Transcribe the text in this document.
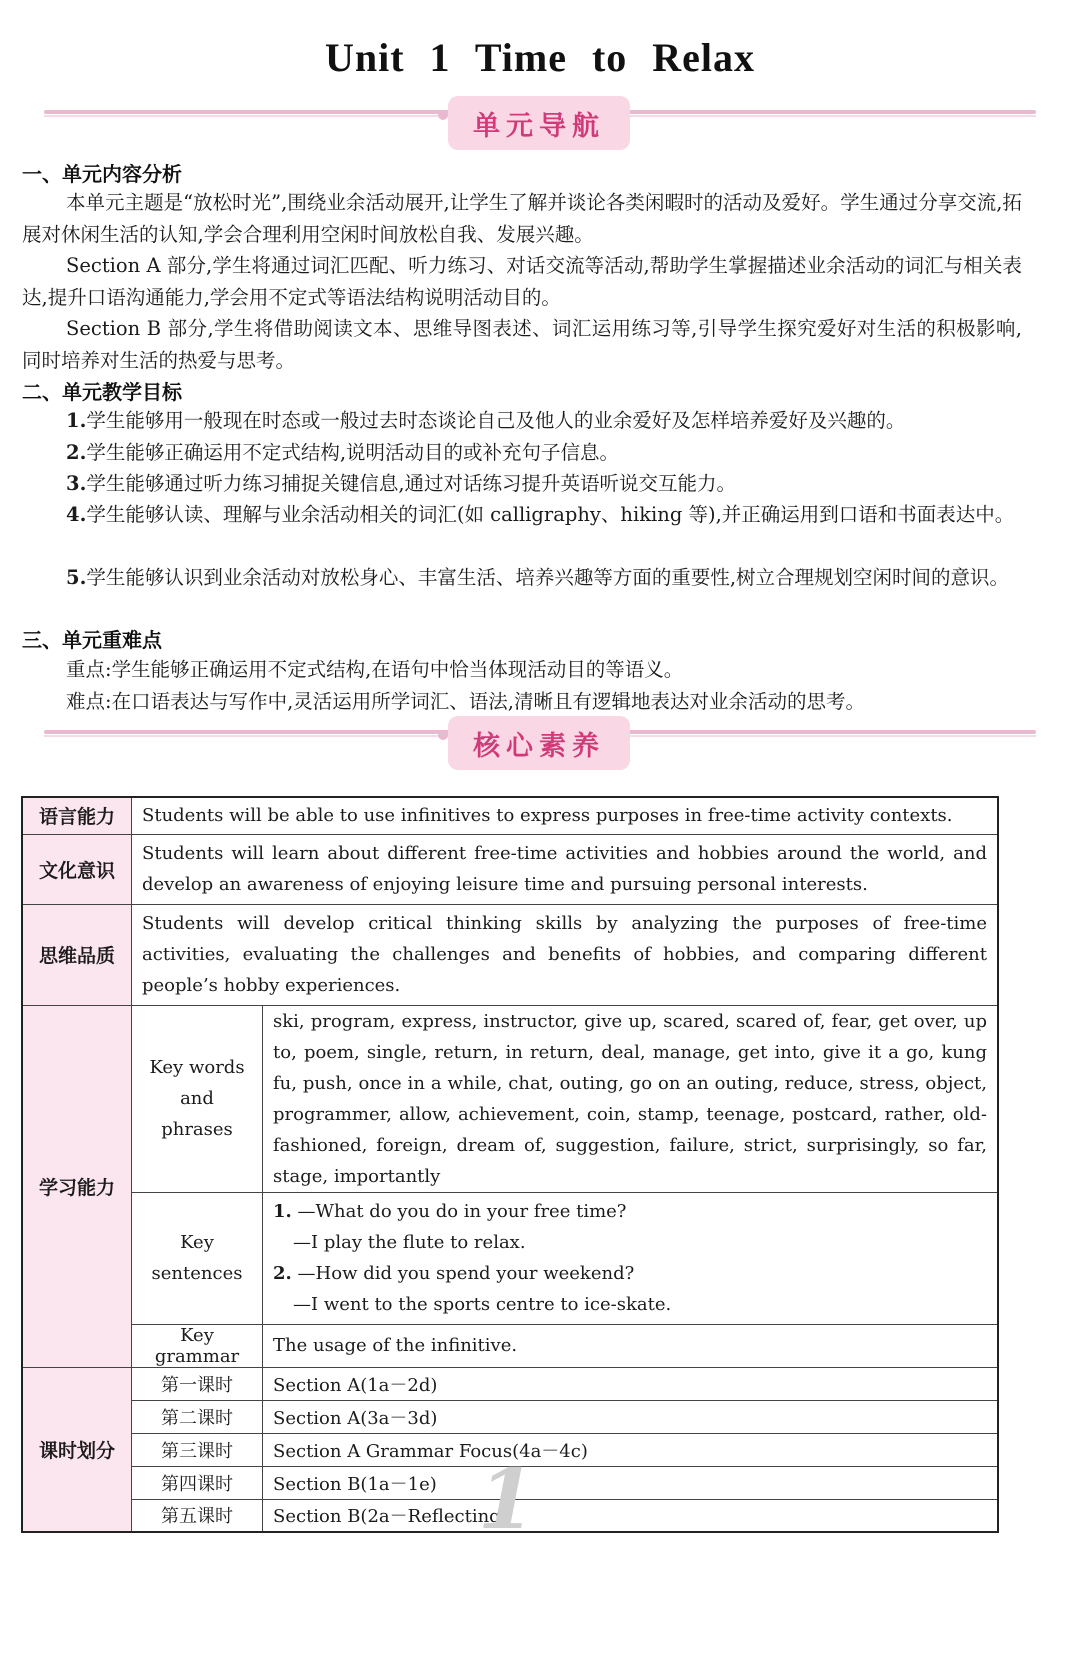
Unit 1 Time to Relax
单元导航
一、单元内容分析
本单元主题是“放松时光”,围绕业余活动展开,让学生了解并谈论各类闲暇时的活动及爱好。学生通过分享交流,拓展对休闲生活的认知,学会合理利用空闲时间放松自我、发展兴趣。
Section A 部分,学生将通过词汇匹配、听力练习、对话交流等活动,帮助学生掌握描述业余活动的词汇与相关表达,提升口语沟通能力,学会用不定式等语法结构说明活动目的。
Section B 部分,学生将借助阅读文本、思维导图表述、词汇运用练习等,引导学生探究爱好对生活的积极影响,同时培养对生活的热爱与思考。
二、单元教学目标
1.学生能够用一般现在时态或一般过去时态谈论自己及他人的业余爱好及怎样培养爱好及兴趣的。
2.学生能够正确运用不定式结构,说明活动目的或补充句子信息。
3.学生能够通过听力练习捕捉关键信息,通过对话练习提升英语听说交互能力。
4.学生能够认读、理解与业余活动相关的词汇(如 calligraphy、hiking 等),并正确运用到口语和书面表达中。
5.学生能够认识到业余活动对放松身心、丰富生活、培养兴趣等方面的重要性,树立合理规划空闲时间的意识。
三、单元重难点
重点:学生能够正确运用不定式结构,在语句中恰当体现活动目的等语义。
难点:在口语表达与写作中,灵活运用所学词汇、语法,清晰且有逻辑地表达对业余活动的思考。
核心素养
语言能力	Students will be able to use infinitives to express purposes in free-time activity contexts.	
文化意识	Students will learn about different free-time activities and hobbies around the world, and develop an awareness of enjoying leisure time and pursuing personal interests.	
思维品质	Students will develop critical thinking skills by analyzing the purposes of free-time activities, evaluating the challenges and benefits of hobbies, and comparing different people’s hobby experiences.	
学习能力	Key words and phrases	ski, program, express, instructor, give up, scared, scared of, fear, get over, up to, poem, single, return, in return, deal, manage, get into, give it a go, kung fu, push, once in a while, chat, outing, go on an outing, reduce, stress, object, programmer, allow, achievement, coin, stamp, teenage, postcard, rather, old-fashioned, foreign, dream of, suggestion, failure, strict, surprisingly, so far, stage, importantly
	Key sentences	1. —What do you do in your free time?
—I play the flute to relax.
2. —How did you spend your weekend?
—I went to the sports centre to ice-skate.

	Key grammar	The usage of the infinitive.
课时划分	第一课时	Section A(1a－2d)
	第二课时	Section A(3a－3d)
	第三课时	Section A Grammar Focus(4a－4c)
	第四课时	Section B(1a－1e)
	第五课时	Section B(2a－Reflecting)
1
